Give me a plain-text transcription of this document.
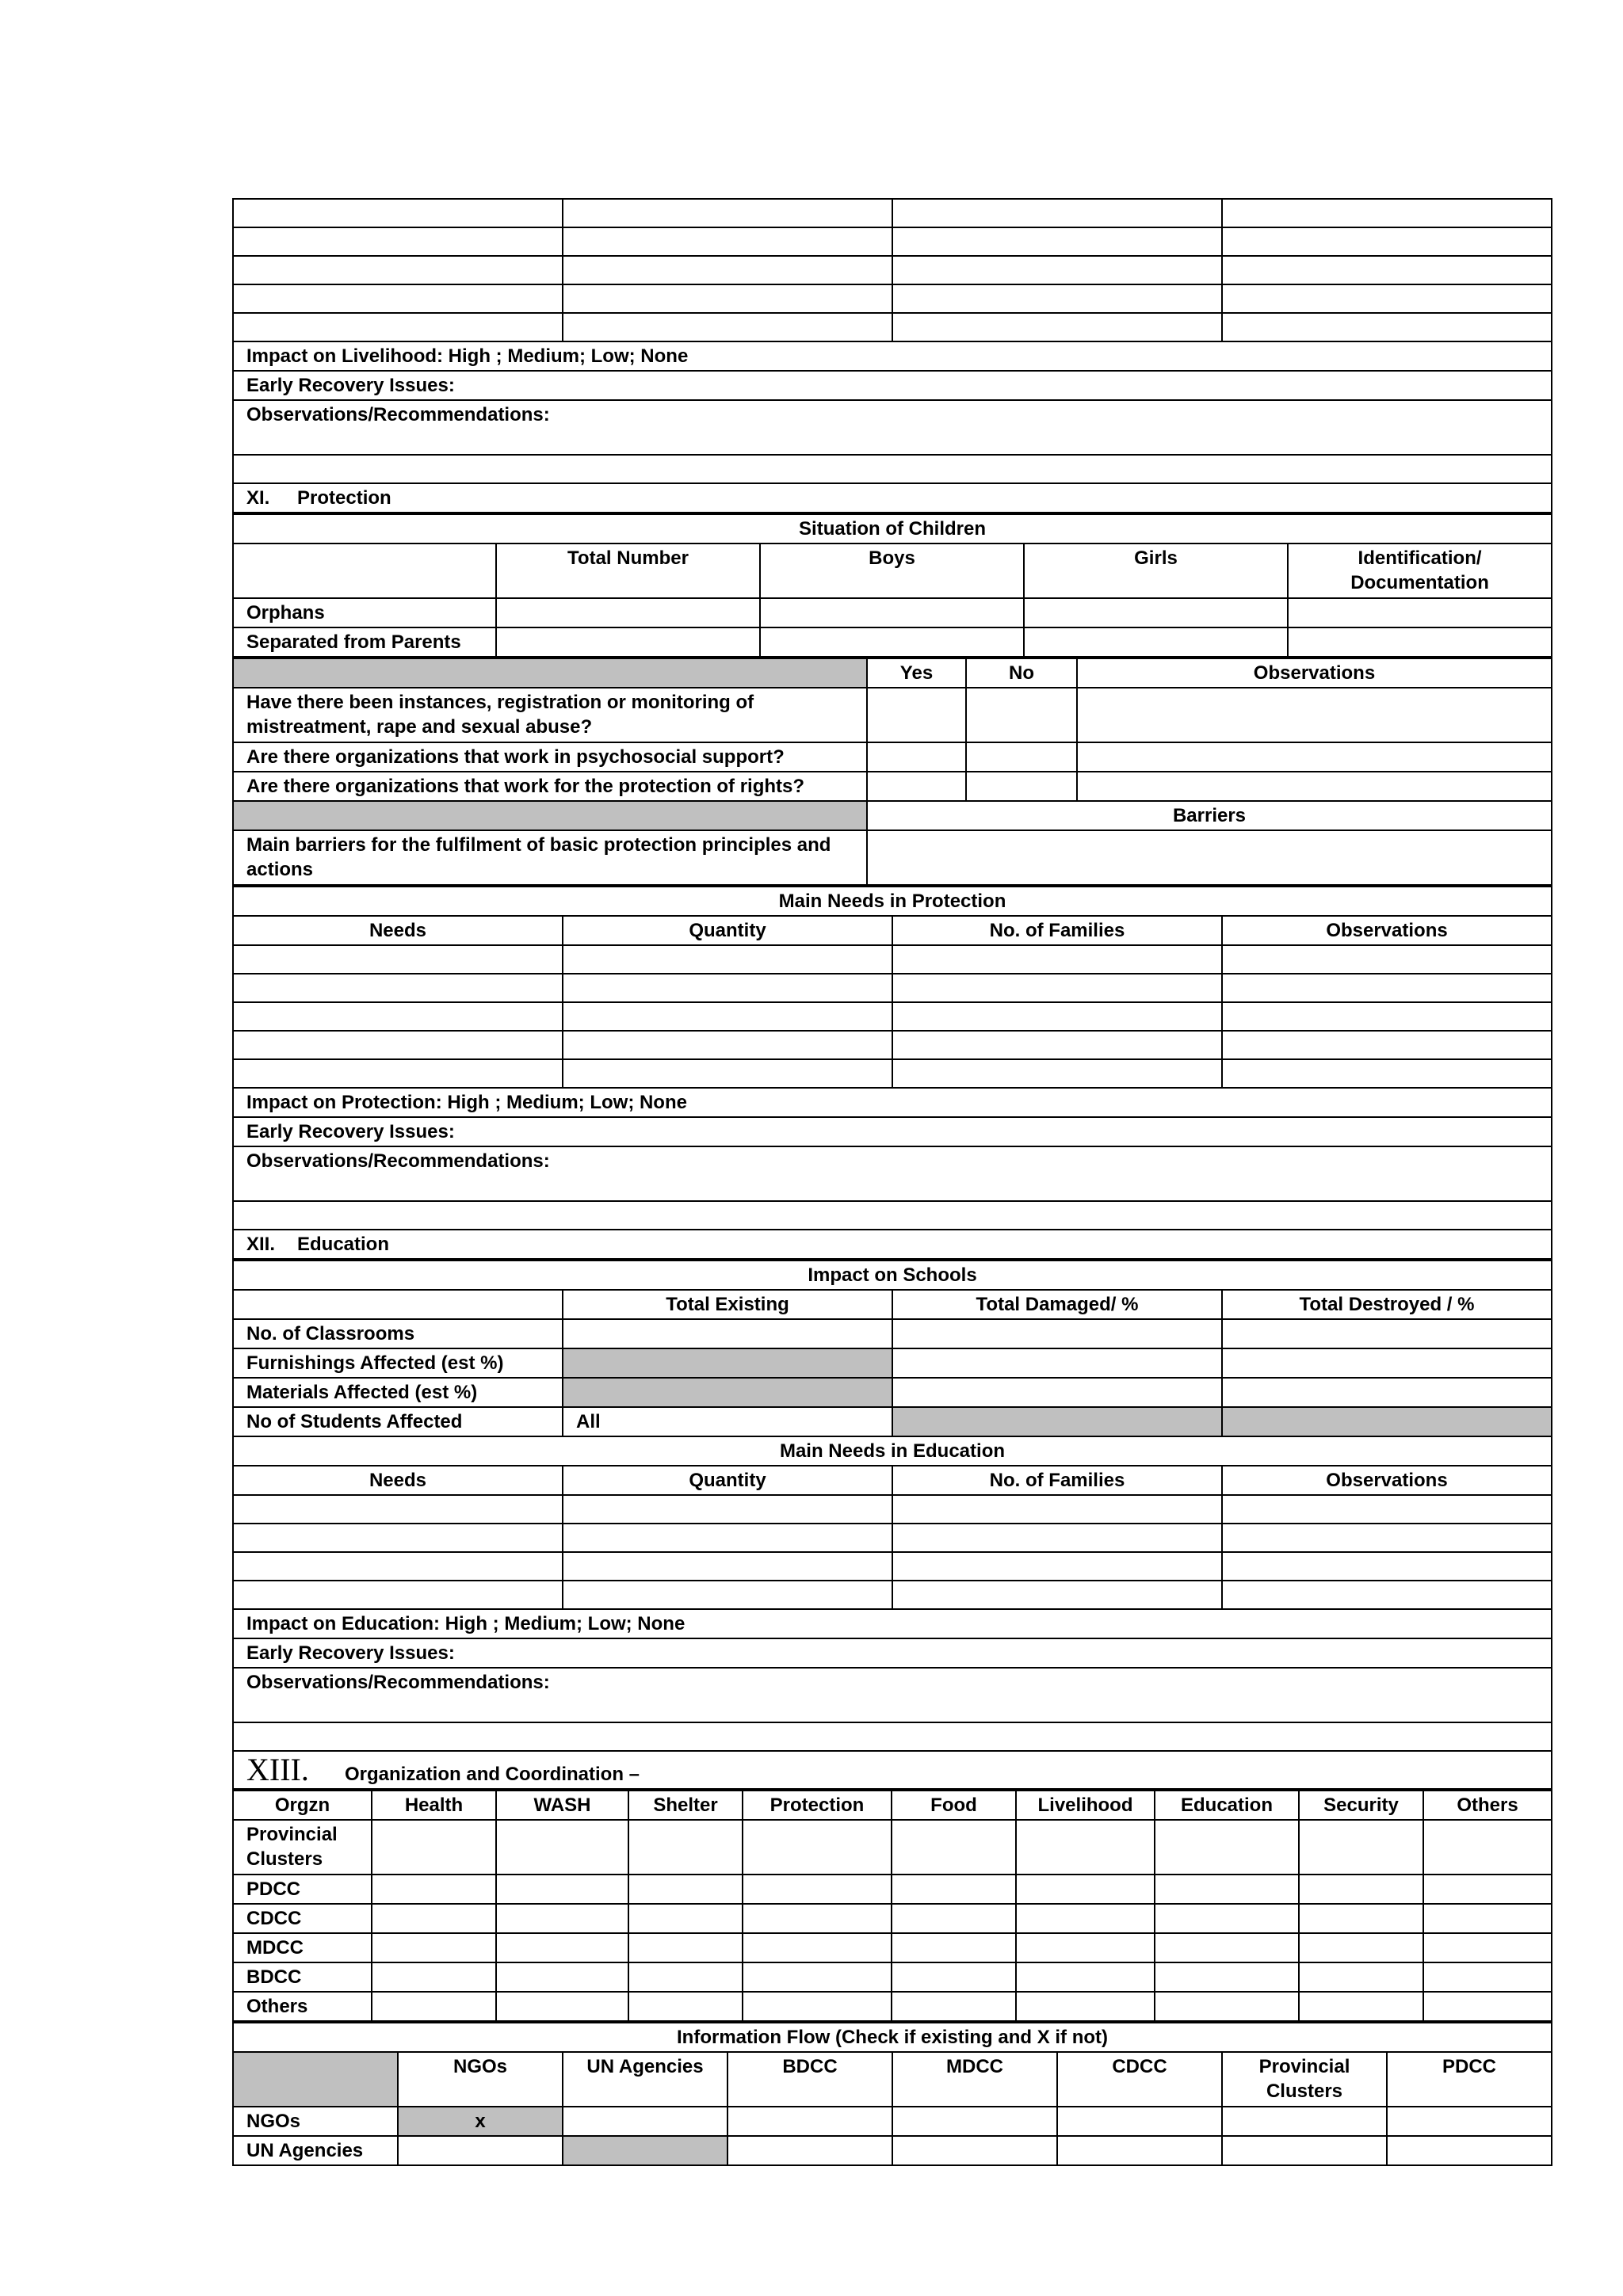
Impact on Livelihood: High ; Medium; Low; None			
Early Recovery Issues:			
Observations/Recommendations:			

XI. Protection			
Situation of Children				
	Total Number	Boys	Girls	Identification/ Documentation
Orphans				
Separated from Parents				
	Yes	No	Observations
Have there been instances, registration or monitoring of mistreatment, rape and sexual abuse?			
Are there organizations that work in psychosocial support?			
Are there organizations that work for the protection of rights?			
	Barriers		
Main barriers for the fulfilment of basic protection principles and actions			
Main Needs in Protection			
Needs	Quantity	No. of Families	Observations

Impact on Protection: High ; Medium; Low; None			
Early Recovery Issues:			
Observations/Recommendations:			

XII. Education			
Impact on Schools			
	Total Existing	Total Damaged/ %	Total Destroyed / %
No. of Classrooms			
Furnishings Affected (est %)			
Materials Affected (est %)			
No of Students Affected	All		
Main Needs in Education			
Needs	Quantity	No. of Families	Observations

Impact on Education: High ; Medium; Low; None			
Early Recovery Issues:			
Observations/Recommendations:			

XIII. Organization and Coordination –			
Orgzn	Health	WASH	Shelter	Protection	Food	Livelihood	Education	Security	Others
Provincial Clusters									
PDCC									
CDCC									
MDCC									
BDCC									
Others									
Information Flow (Check if existing and X if not)							
	NGOs	UN Agencies	BDCC	MDCC	CDCC	Provincial Clusters	PDCC
NGOs	x						
UN Agencies							
